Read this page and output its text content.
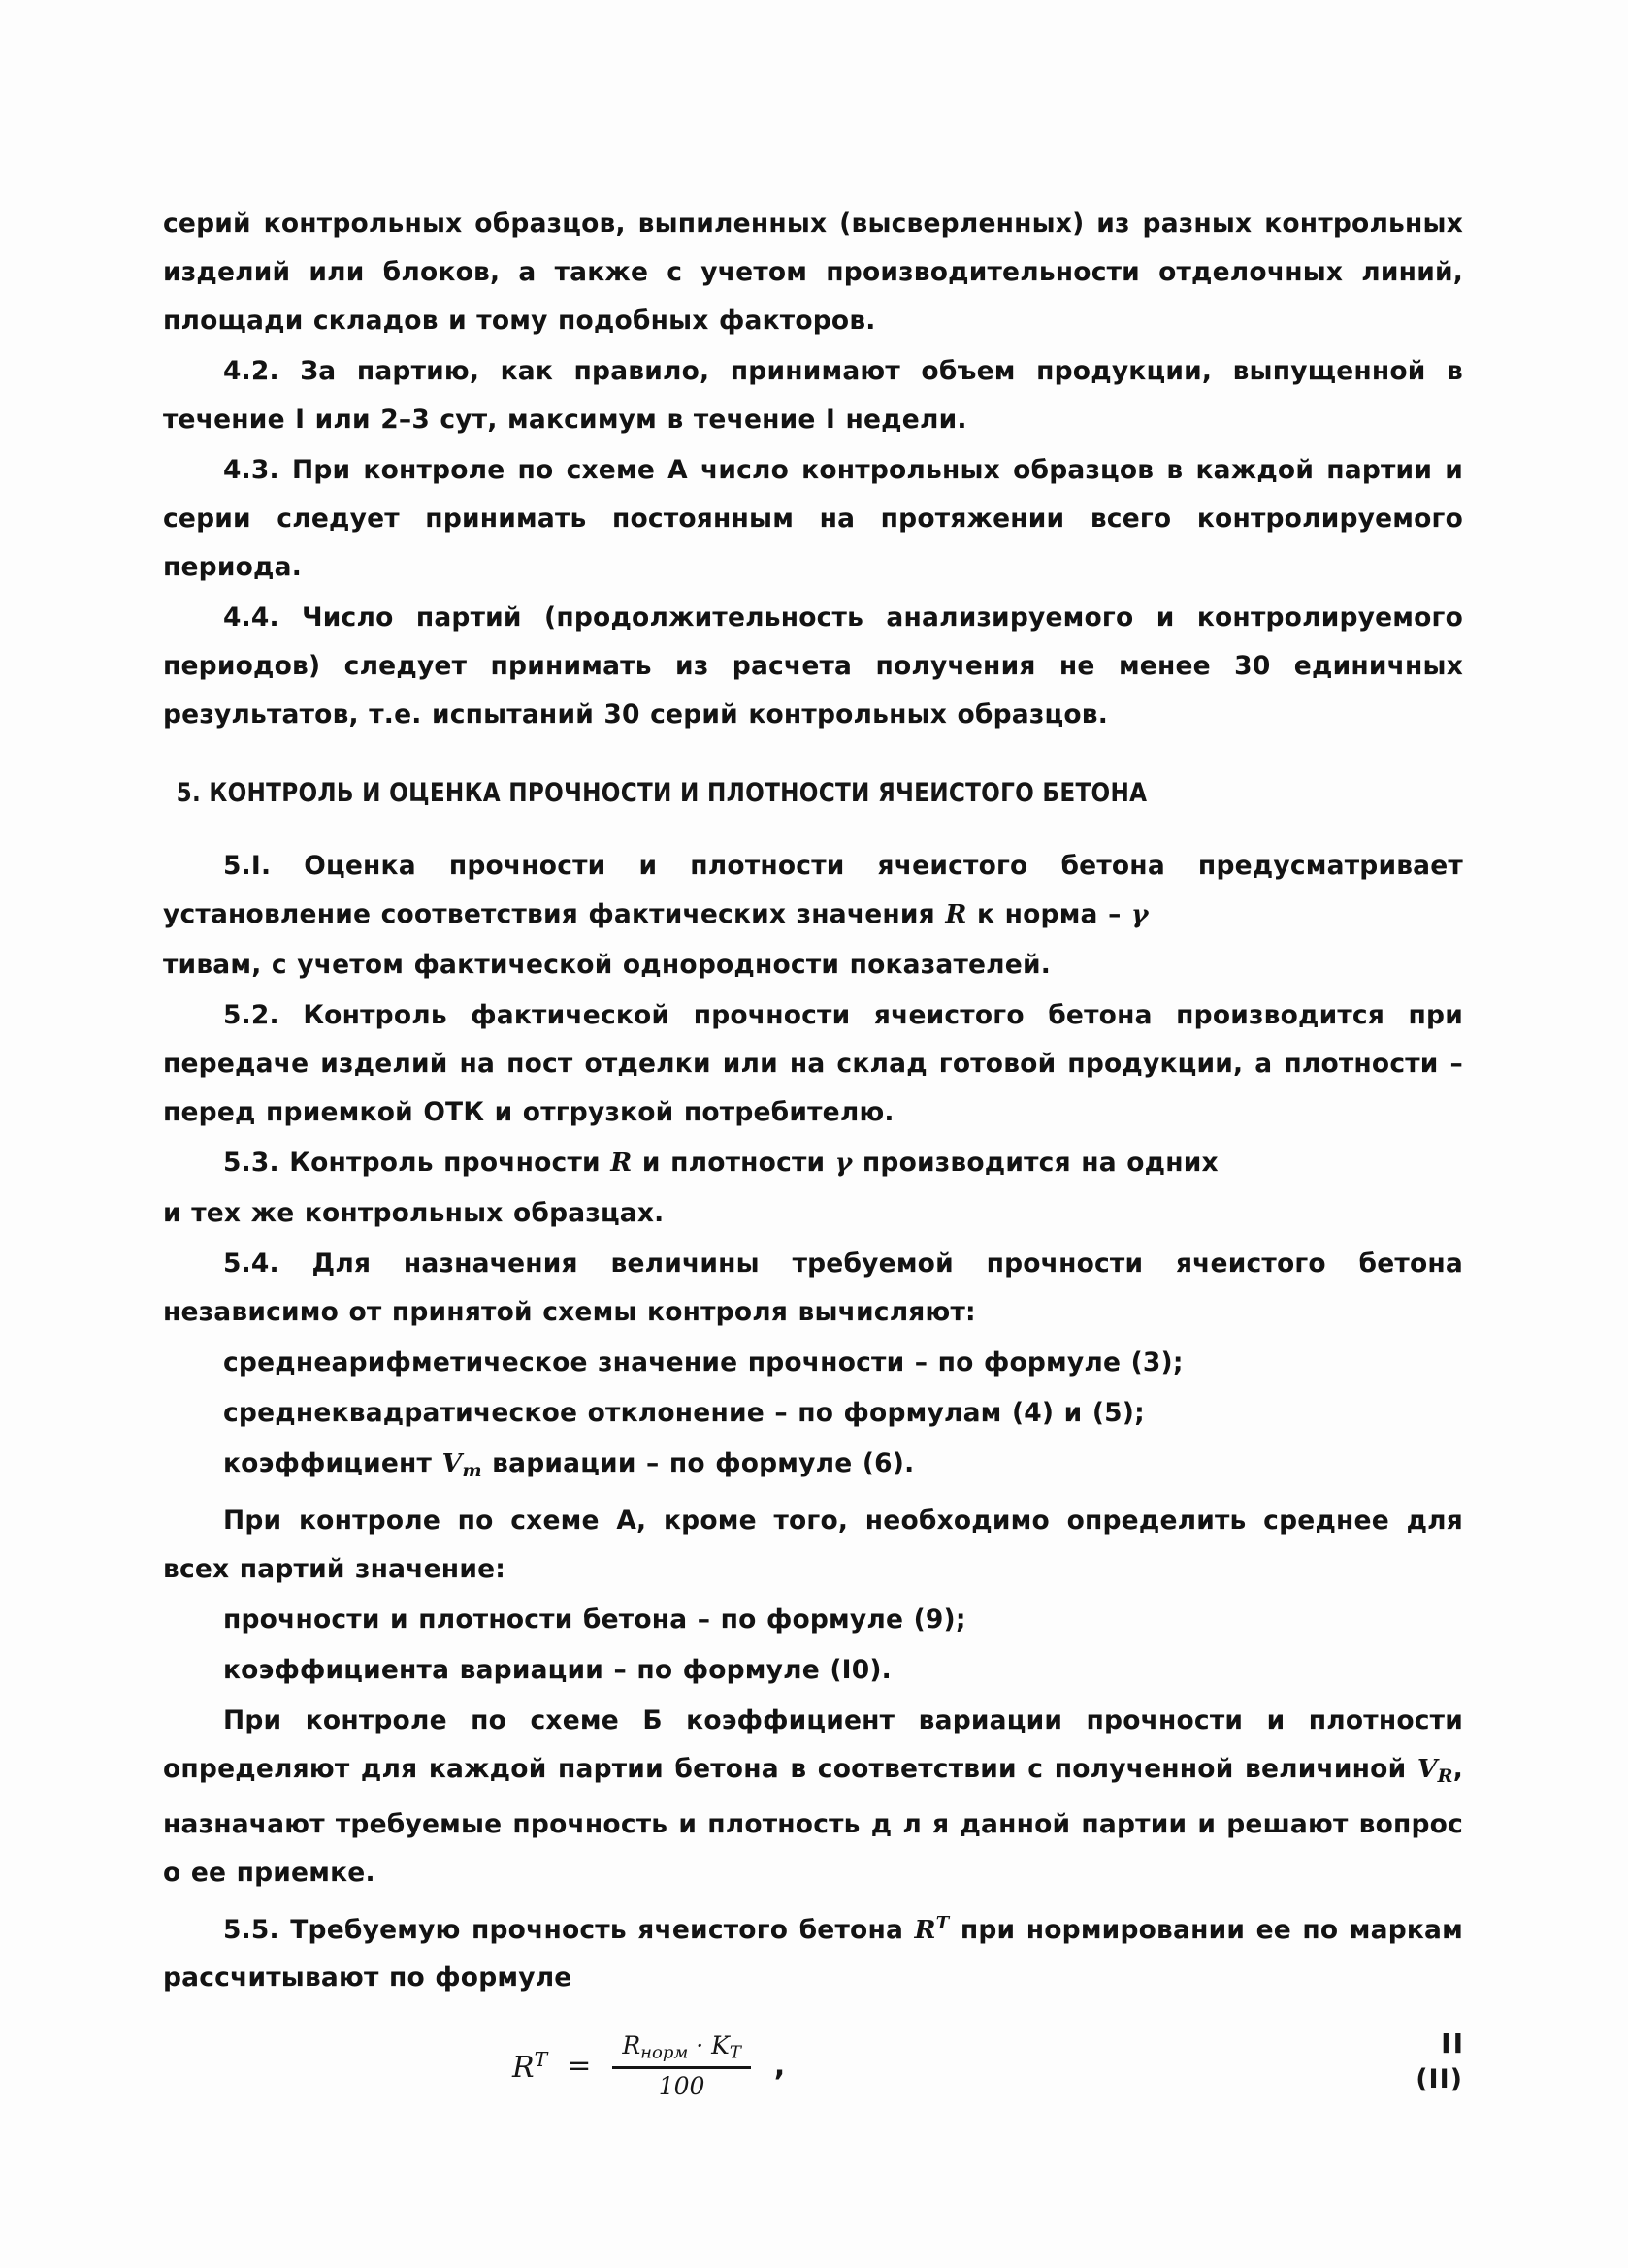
серий контрольных образцов, выпиленных (высверленных) из разных контрольных изделий или блоков, а также с учетом производительности отделочных линий, площади складов и тому подобных факторов.

4.2. За партию, как правило, принимают объем продукции, выпущенной в течение I или 2–3 сут, максимум в течение I недели.

4.3. При контроле по схеме А число контрольных образцов в каждой партии и серии следует принимать постоянным на протяжении всего контролируемого периода.

4.4. Число партий (продолжительность анализируемого и контролируемого периодов) следует принимать из расчета получения не менее 30 единичных результатов, т.е. испытаний 30 серий контрольных образцов.

5. КОНТРОЛЬ И ОЦЕНКА ПРОЧНОСТИ И ПЛОТНОСТИ ЯЧЕИСТОГО БЕТОНА

5.I. Оценка прочности и плотности ячеистого бетона предусматривает установление соответствия фактических значения R к норма – γ

тивам, с учетом фактической однородности показателей.

5.2. Контроль фактической прочности ячеистого бетона производится при передаче изделий на пост отделки или на склад готовой продукции, а плотности – перед приемкой ОТК и отгрузкой потребителю.

5.3. Контроль прочности R и плотности γ производится на одних

и тех же контрольных образцах.

5.4. Для назначения величины требуемой прочности ячеистого бетона независимо от принятой схемы контроля вычисляют:

среднеарифметическое значение прочности – по формуле (3);

среднеквадратическое отклонение – по формулам (4) и (5);

коэффициент $V_m$ вариации – по формуле (6).

При контроле по схеме А, кроме того, необходимо определить среднее для всех партий значение:

прочности и плотности бетона – по формуле (9);

коэффициента вариации – по формуле (I0).

При контроле по схеме Б коэффициент вариации прочности и плотности определяют для каждой партии бетона в соответствии с полученной величиной $V_R$, назначают требуемые прочность и плотность д л я данной партии и решают вопрос о ее приемке.

5.5. Требуемую прочность ячеистого бетона $R^T$ при нормировании ее по маркам рассчитывают по формуле

$R^T = \frac{R_{норм} \cdot K_T}{100}$ ,	(II)
II
